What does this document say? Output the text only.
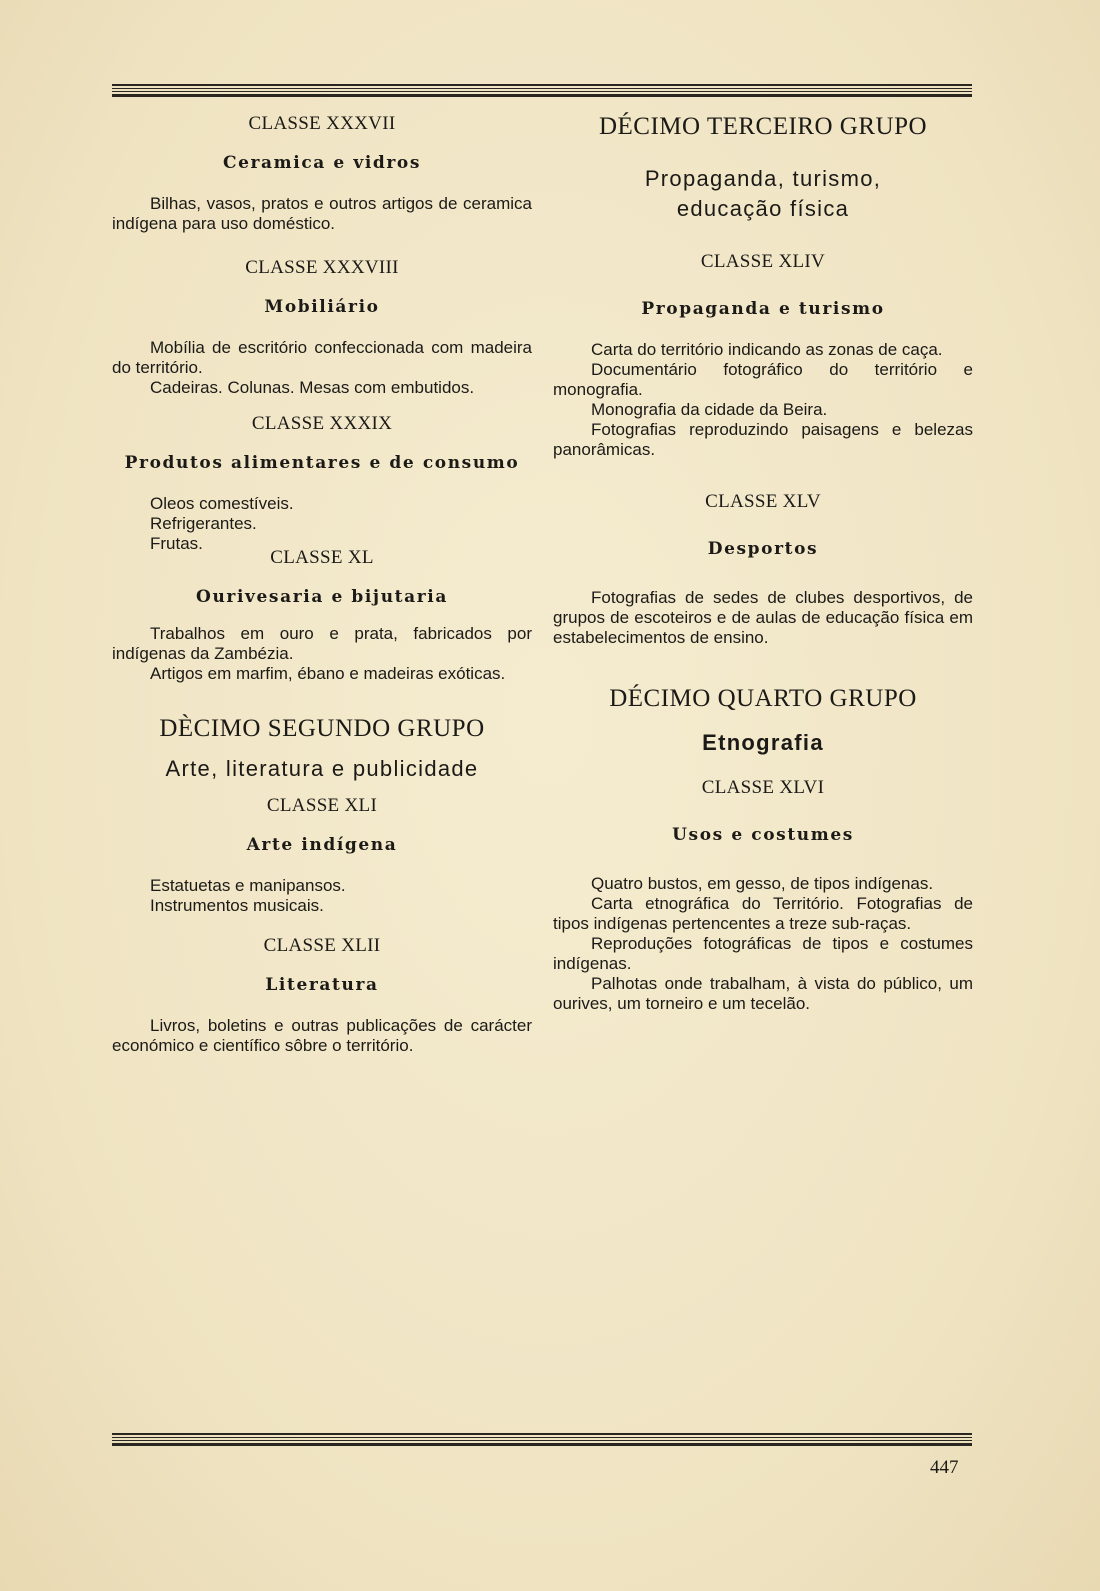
CLASSE XXXVII

Ceramica e vidros

Bilhas, vasos, pratos e outros artigos de ceramica indígena para uso doméstico.

CLASSE XXXVIII

Mobiliário

Mobília de escritório confeccionada com madeira do território.

Cadeiras. Colunas. Mesas com embutidos.

CLASSE XXXIX

Produtos alimentares e de consumo

Oleos comestíveis.

Refrigerantes.

Frutas.

CLASSE XL

Ourivesaria e bijutaria

Trabalhos em ouro e prata, fabricados por indígenas da Zambézia.

Artigos em marfim, ébano e madeiras exóticas.

DÈCIMO SEGUNDO GRUPO

Arte, literatura e publicidade

CLASSE XLI

Arte indígena

Estatuetas e manipansos.

Instrumentos musicais.

CLASSE XLII

Literatura

Livros, boletins e outras publicações de carácter económico e científico sôbre o território.

DÉCIMO TERCEIRO GRUPO

Propaganda, turismo,

educação física

CLASSE XLIV

Propaganda e turismo

Carta do território indicando as zonas de caça.

Documentário fotográfico do território e monografia.

Monografia da cidade da Beira.

Fotografias reproduzindo paisagens e belezas panorâmicas.

CLASSE XLV

Desportos

Fotografias de sedes de clubes desportivos, de grupos de escoteiros e de aulas de educação física em estabelecimentos de ensino.

DÉCIMO QUARTO GRUPO

Etnografia

CLASSE XLVI

Usos e costumes

Quatro bustos, em gesso, de tipos indígenas.

Carta etnográfica do Território. Fotografias de tipos indígenas pertencentes a treze sub-raças.

Reproduções fotográficas de tipos e costumes indígenas.

Palhotas onde trabalham, à vista do público, um ourives, um torneiro e um tecelão.

447
